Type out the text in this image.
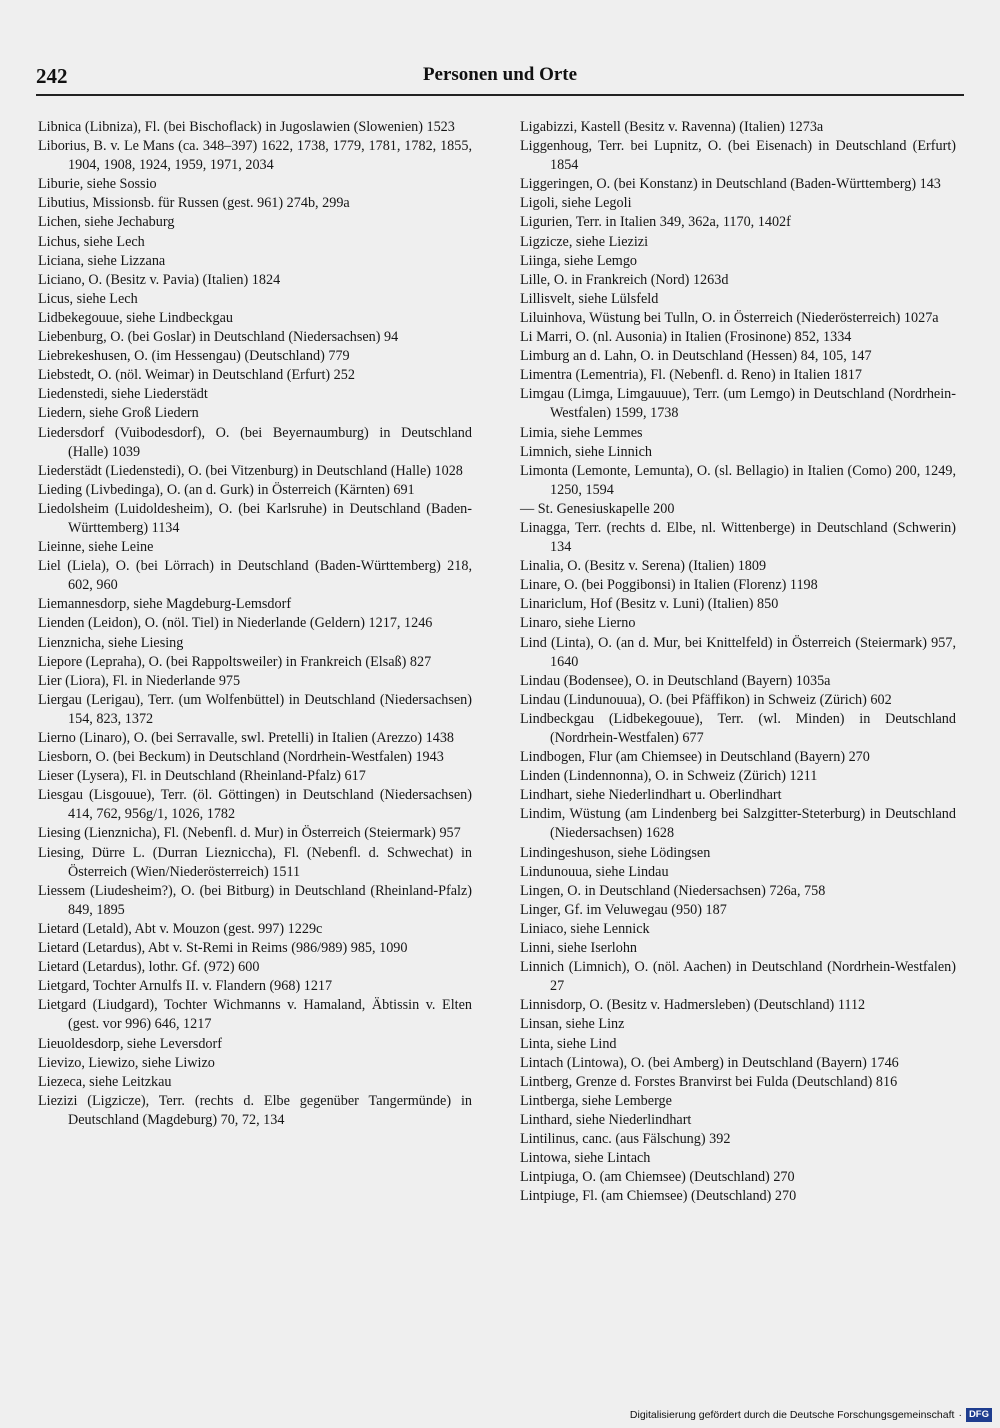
242	Personen und Orte

Libnica (Libniza), Fl. (bei Bischoflack) in Jugoslawien (Slowenien) 1523

Liborius, B. v. Le Mans (ca. 348–397) 1622, 1738, 1779, 1781, 1782, 1855, 1904, 1908, 1924, 1959, 1971, 2034

Liburie, siehe Sossio

Libutius, Missionsb. für Russen (gest. 961) 274b, 299a

Lichen, siehe Jechaburg

Lichus, siehe Lech

Liciana, siehe Lizzana

Liciano, O. (Besitz v. Pavia) (Italien) 1824

Licus, siehe Lech

Lidbekegouue, siehe Lindbeckgau

Liebenburg, O. (bei Goslar) in Deutschland (Niedersachsen) 94

Liebrekeshusen, O. (im Hessengau) (Deutschland) 779

Liebstedt, O. (nöl. Weimar) in Deutschland (Erfurt) 252

Liedenstedi, siehe Liederstädt

Liedern, siehe Groß Liedern

Liedersdorf (Vuibodesdorf), O. (bei Beyernaumburg) in Deutschland (Halle) 1039

Liederstädt (Liedenstedi), O. (bei Vitzenburg) in Deutschland (Halle) 1028

Lieding (Livbedinga), O. (an d. Gurk) in Österreich (Kärnten) 691

Liedolsheim (Luidoldesheim), O. (bei Karlsruhe) in Deutschland (Baden-Württemberg) 1134

Lieinne, siehe Leine

Liel (Liela), O. (bei Lörrach) in Deutschland (Baden-Württemberg) 218, 602, 960

Liemannesdorp, siehe Magdeburg-Lemsdorf

Lienden (Leidon), O. (nöl. Tiel) in Niederlande (Geldern) 1217, 1246

Lienznicha, siehe Liesing

Liepore (Lepraha), O. (bei Rappoltsweiler) in Frankreich (Elsaß) 827

Lier (Liora), Fl. in Niederlande 975

Liergau (Lerigau), Terr. (um Wolfenbüttel) in Deutschland (Niedersachsen) 154, 823, 1372

Lierno (Linaro), O. (bei Serravalle, swl. Pretelli) in Italien (Arezzo) 1438

Liesborn, O. (bei Beckum) in Deutschland (Nordrhein-Westfalen) 1943

Lieser (Lysera), Fl. in Deutschland (Rheinland-Pfalz) 617

Liesgau (Lisgouue), Terr. (öl. Göttingen) in Deutschland (Niedersachsen) 414, 762, 956g/1, 1026, 1782

Liesing (Lienznicha), Fl. (Nebenfl. d. Mur) in Österreich (Steiermark) 957

Liesing, Dürre L. (Durran Liezniccha), Fl. (Nebenfl. d. Schwechat) in Österreich (Wien/Niederösterreich) 1511

Liessem (Liudesheim?), O. (bei Bitburg) in Deutschland (Rheinland-Pfalz) 849, 1895

Lietard (Letald), Abt v. Mouzon (gest. 997) 1229c

Lietard (Letardus), Abt v. St-Remi in Reims (986/989) 985, 1090

Lietard (Letardus), lothr. Gf. (972) 600

Lietgard, Tochter Arnulfs II. v. Flandern (968) 1217

Lietgard (Liudgard), Tochter Wichmanns v. Hamaland, Äbtissin v. Elten (gest. vor 996) 646, 1217

Lieuoldesdorp, siehe Leversdorf

Lievizo, Liewizo, siehe Liwizo

Liezeca, siehe Leitzkau

Liezizi (Ligzicze), Terr. (rechts d. Elbe gegenüber Tangermünde) in Deutschland (Magdeburg) 70, 72, 134

Ligabizzi, Kastell (Besitz v. Ravenna) (Italien) 1273a

Liggenhoug, Terr. bei Lupnitz, O. (bei Eisenach) in Deutschland (Erfurt) 1854

Liggeringen, O. (bei Konstanz) in Deutschland (Baden-Württemberg) 143

Ligoli, siehe Legoli

Ligurien, Terr. in Italien 349, 362a, 1170, 1402f

Ligzicze, siehe Liezizi

Liinga, siehe Lemgo

Lille, O. in Frankreich (Nord) 1263d

Lillisvelt, siehe Lülsfeld

Liluinhova, Wüstung bei Tulln, O. in Österreich (Niederösterreich) 1027a

Li Marri, O. (nl. Ausonia) in Italien (Frosinone) 852, 1334

Limburg an d. Lahn, O. in Deutschland (Hessen) 84, 105, 147

Limentra (Lementria), Fl. (Nebenfl. d. Reno) in Italien 1817

Limgau (Limga, Limgauuue), Terr. (um Lemgo) in Deutschland (Nordrhein-Westfalen) 1599, 1738

Limia, siehe Lemmes

Limnich, siehe Linnich

Limonta (Lemonte, Lemunta), O. (sl. Bellagio) in Italien (Como) 200, 1249, 1250, 1594

— St. Genesiuskapelle 200

Linagga, Terr. (rechts d. Elbe, nl. Wittenberge) in Deutschland (Schwerin) 134

Linalia, O. (Besitz v. Serena) (Italien) 1809

Linare, O. (bei Poggibonsi) in Italien (Florenz) 1198

Linariclum, Hof (Besitz v. Luni) (Italien) 850

Linaro, siehe Lierno

Lind (Linta), O. (an d. Mur, bei Knittelfeld) in Österreich (Steiermark) 957, 1640

Lindau (Bodensee), O. in Deutschland (Bayern) 1035a

Lindau (Lindunouua), O. (bei Pfäffikon) in Schweiz (Zürich) 602

Lindbeckgau (Lidbekegouue), Terr. (wl. Minden) in Deutschland (Nordrhein-Westfalen) 677

Lindbogen, Flur (am Chiemsee) in Deutschland (Bayern) 270

Linden (Lindennonna), O. in Schweiz (Zürich) 1211

Lindhart, siehe Niederlindhart u. Oberlindhart

Lindim, Wüstung (am Lindenberg bei Salzgitter-Steterburg) in Deutschland (Niedersachsen) 1628

Lindingeshuson, siehe Lödingsen

Lindunouua, siehe Lindau

Lingen, O. in Deutschland (Niedersachsen) 726a, 758

Linger, Gf. im Veluwegau (950) 187

Liniaco, siehe Lennick

Linni, siehe Iserlohn

Linnich (Limnich), O. (nöl. Aachen) in Deutschland (Nordrhein-Westfalen) 27

Linnisdorp, O. (Besitz v. Hadmersleben) (Deutschland) 1112

Linsan, siehe Linz

Linta, siehe Lind

Lintach (Lintowa), O. (bei Amberg) in Deutschland (Bayern) 1746

Lintberg, Grenze d. Forstes Branvirst bei Fulda (Deutschland) 816

Lintberga, siehe Lemberge

Linthard, siehe Niederlindhart

Lintilinus, canc. (aus Fälschung) 392

Lintowa, siehe Lintach

Lintpiuga, O. (am Chiemsee) (Deutschland) 270

Lintpiuge, Fl. (am Chiemsee) (Deutschland) 270

Digitalisierung gefördert durch die Deutsche Forschungsgemeinschaft · DFG
